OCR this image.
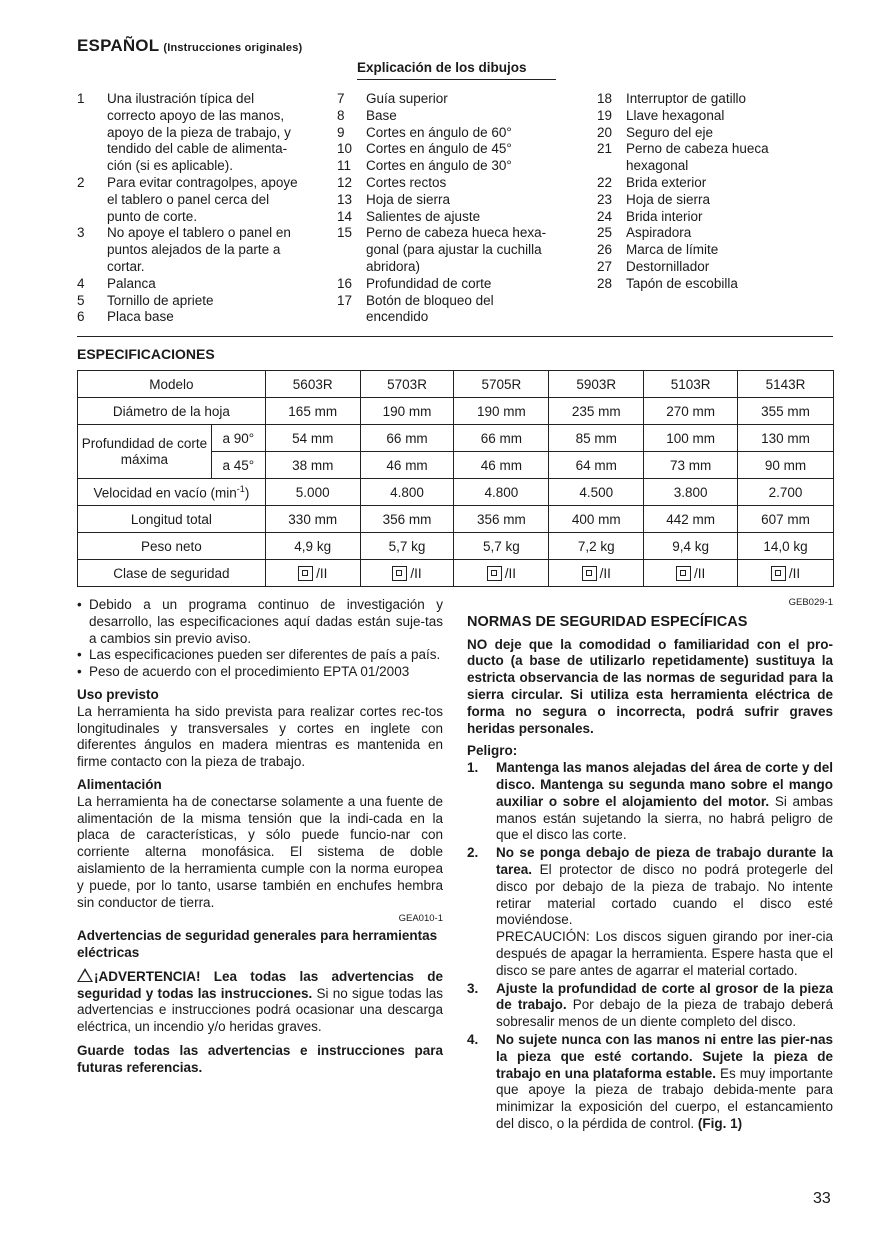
ESPAÑOL (Instrucciones originales)
Explicación de los dibujos
1	Una ilustración típica del correcto apoyo de las manos, apoyo de la pieza de trabajo, y tendido del cable de alimenta-ción (si es aplicable).
2	Para evitar contragolpes, apoye el tablero o panel cerca del punto de corte.
3	No apoye el tablero o panel en puntos alejados de la parte a cortar.
4	Palanca
5	Tornillo de apriete
6	Placa base
7	Guía superior
8	Base
9	Cortes en ángulo de 60°
10	Cortes en ángulo de 45°
11	Cortes en ángulo de 30°
12	Cortes rectos
13	Hoja de sierra
14	Salientes de ajuste
15	Perno de cabeza hueca hexa-gonal (para ajustar la cuchilla abridora)
16	Profundidad de corte
17	Botón de bloqueo del encendido
18	Interruptor de gatillo
19	Llave hexagonal
20	Seguro del eje
21	Perno de cabeza hueca hexagonal
22	Brida exterior
23	Hoja de sierra
24	Brida interior
25	Aspiradora
26	Marca de límite
27	Destornillador
28	Tapón de escobilla
ESPECIFICACIONES
Modelo		5603R	5703R	5705R	5903R	5103R	5143R
Diámetro de la hoja		165 mm	190 mm	190 mm	235 mm	270 mm	355 mm
Profundidad de corte máxima	a 90°	54 mm	66 mm	66 mm	85 mm	100 mm	130 mm
	a 45°	38 mm	46 mm	46 mm	64 mm	73 mm	90 mm
Velocidad en vacío $(\min^{-1})$		5.000	4.800	4.800	4.500	3.800	2.700
Longitud total		330 mm	356 mm	356 mm	400 mm	442 mm	607 mm
Peso neto		4,9 kg	5,7 kg	5,7 kg	7,2 kg	9,4 kg	14,0 kg
Clase de seguridad		/II	/II	/II	/II	/II	/II
• Debido a un programa continuo de investigación y desarrollo, las especificaciones aquí dadas están suje-tas a cambios sin previo aviso.
• Las especificaciones pueden ser diferentes de país a país.
• Peso de acuerdo con el procedimiento EPTA 01/2003
Uso previsto
La herramienta ha sido prevista para realizar cortes rec-tos longitudinales y transversales y cortes en inglete con diferentes ángulos en madera mientras es mantenida en firme contacto con la pieza de trabajo.
Alimentación
La herramienta ha de conectarse solamente a una fuente de alimentación de la misma tensión que la indi-cada en la placa de características, y sólo puede funcio-nar con corriente alterna monofásica. El sistema de doble aislamiento de la herramienta cumple con la norma europea y puede, por lo tanto, usarse también en enchufes hembra sin conductor de tierra.
GEA010-1
Advertencias de seguridad generales para herramientas eléctricas
¡ADVERTENCIA! Lea todas las advertencias de seguridad y todas las instrucciones. Si no sigue todas las advertencias e instrucciones podrá ocasionar una descarga eléctrica, un incendio y/o heridas graves.
Guarde todas las advertencias e instrucciones para futuras referencias.
GEB029-1
NORMAS DE SEGURIDAD ESPECÍFICAS
NO deje que la comodidad o familiaridad con el pro-ducto (a base de utilizarlo repetidamente) sustituya la estricta observancia de las normas de seguridad para la sierra circular. Si utiliza esta herramienta eléctrica de forma no segura o incorrecta, podrá sufrir graves heridas personales.
Peligro:
1.	Mantenga las manos alejadas del área de corte y del disco. Mantenga su segunda mano sobre el mango auxiliar o sobre el alojamiento del motor. Si ambas manos están sujetando la sierra, no habrá peligro de que el disco las corte.
2.	No se ponga debajo de pieza de trabajo durante la tarea. El protector de disco no podrá protegerle del disco por debajo de la pieza de trabajo. No intente retirar material cortado cuando el disco esté moviéndose.
PRECAUCIÓN: Los discos siguen girando por iner-cia después de apagar la herramienta. Espere hasta que el disco se pare antes de agarrar el material cortado.
3.	Ajuste la profundidad de corte al grosor de la pieza de trabajo. Por debajo de la pieza de trabajo deberá sobresalir menos de un diente completo del disco.
4.	No sujete nunca con las manos ni entre las pier-nas la pieza que esté cortando. Sujete la pieza de trabajo en una plataforma estable. Es muy importante que apoye la pieza de trabajo debida-mente para minimizar la exposición del cuerpo, el estancamiento del disco, o la pérdida de control. (Fig. 1)
33
